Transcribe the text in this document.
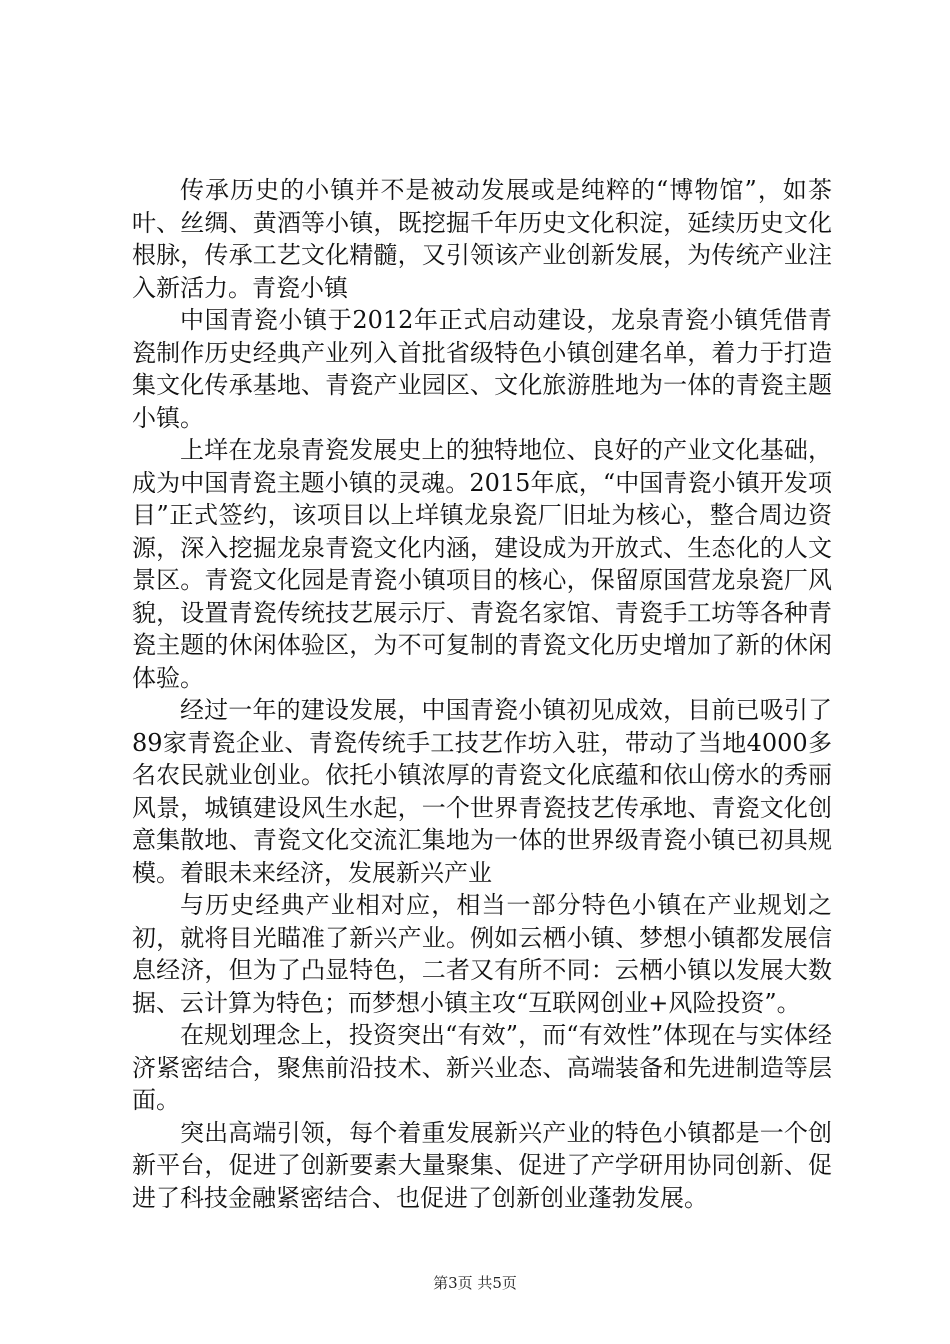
传承历史的小镇并不是被动发展或是纯粹的“博物馆”，如茶叶、丝绸、黄酒等小镇，既挖掘千年历史文化积淀，延续历史文化根脉，传承工艺文化精髓，又引领该产业创新发展，为传统产业注入新活力。青瓷小镇

中国青瓷小镇于2012年正式启动建设，龙泉青瓷小镇凭借青瓷制作历史经典产业列入首批省级特色小镇创建名单，着力于打造集文化传承基地、青瓷产业园区、文化旅游胜地为一体的青瓷主题小镇。

上垟在龙泉青瓷发展史上的独特地位、良好的产业文化基础，成为中国青瓷主题小镇的灵魂。2015年底，“中国青瓷小镇开发项目”正式签约，该项目以上垟镇龙泉瓷厂旧址为核心，整合周边资源，深入挖掘龙泉青瓷文化内涵，建设成为开放式、生态化的人文景区。青瓷文化园是青瓷小镇项目的核心，保留原国营龙泉瓷厂风貌，设置青瓷传统技艺展示厅、青瓷名家馆、青瓷手工坊等各种青瓷主题的休闲体验区，为不可复制的青瓷文化历史增加了新的休闲体验。

经过一年的建设发展，中国青瓷小镇初见成效，目前已吸引了89家青瓷企业、青瓷传统手工技艺作坊入驻，带动了当地4000多名农民就业创业。依托小镇浓厚的青瓷文化底蕴和依山傍水的秀丽风景，城镇建设风生水起，一个世界青瓷技艺传承地、青瓷文化创意集散地、青瓷文化交流汇集地为一体的世界级青瓷小镇已初具规模。着眼未来经济，发展新兴产业

与历史经典产业相对应，相当一部分特色小镇在产业规划之初，就将目光瞄准了新兴产业。例如云栖小镇、梦想小镇都发展信息经济，但为了凸显特色，二者又有所不同：云栖小镇以发展大数据、云计算为特色；而梦想小镇主攻“互联网创业+风险投资”。

在规划理念上，投资突出“有效”，而“有效性”体现在与实体经济紧密结合，聚焦前沿技术、新兴业态、高端装备和先进制造等层面。

突出高端引领，每个着重发展新兴产业的特色小镇都是一个创新平台，促进了创新要素大量聚集、促进了产学研用协同创新、促进了科技金融紧密结合、也促进了创新创业蓬勃发展。

第3页 共5页
